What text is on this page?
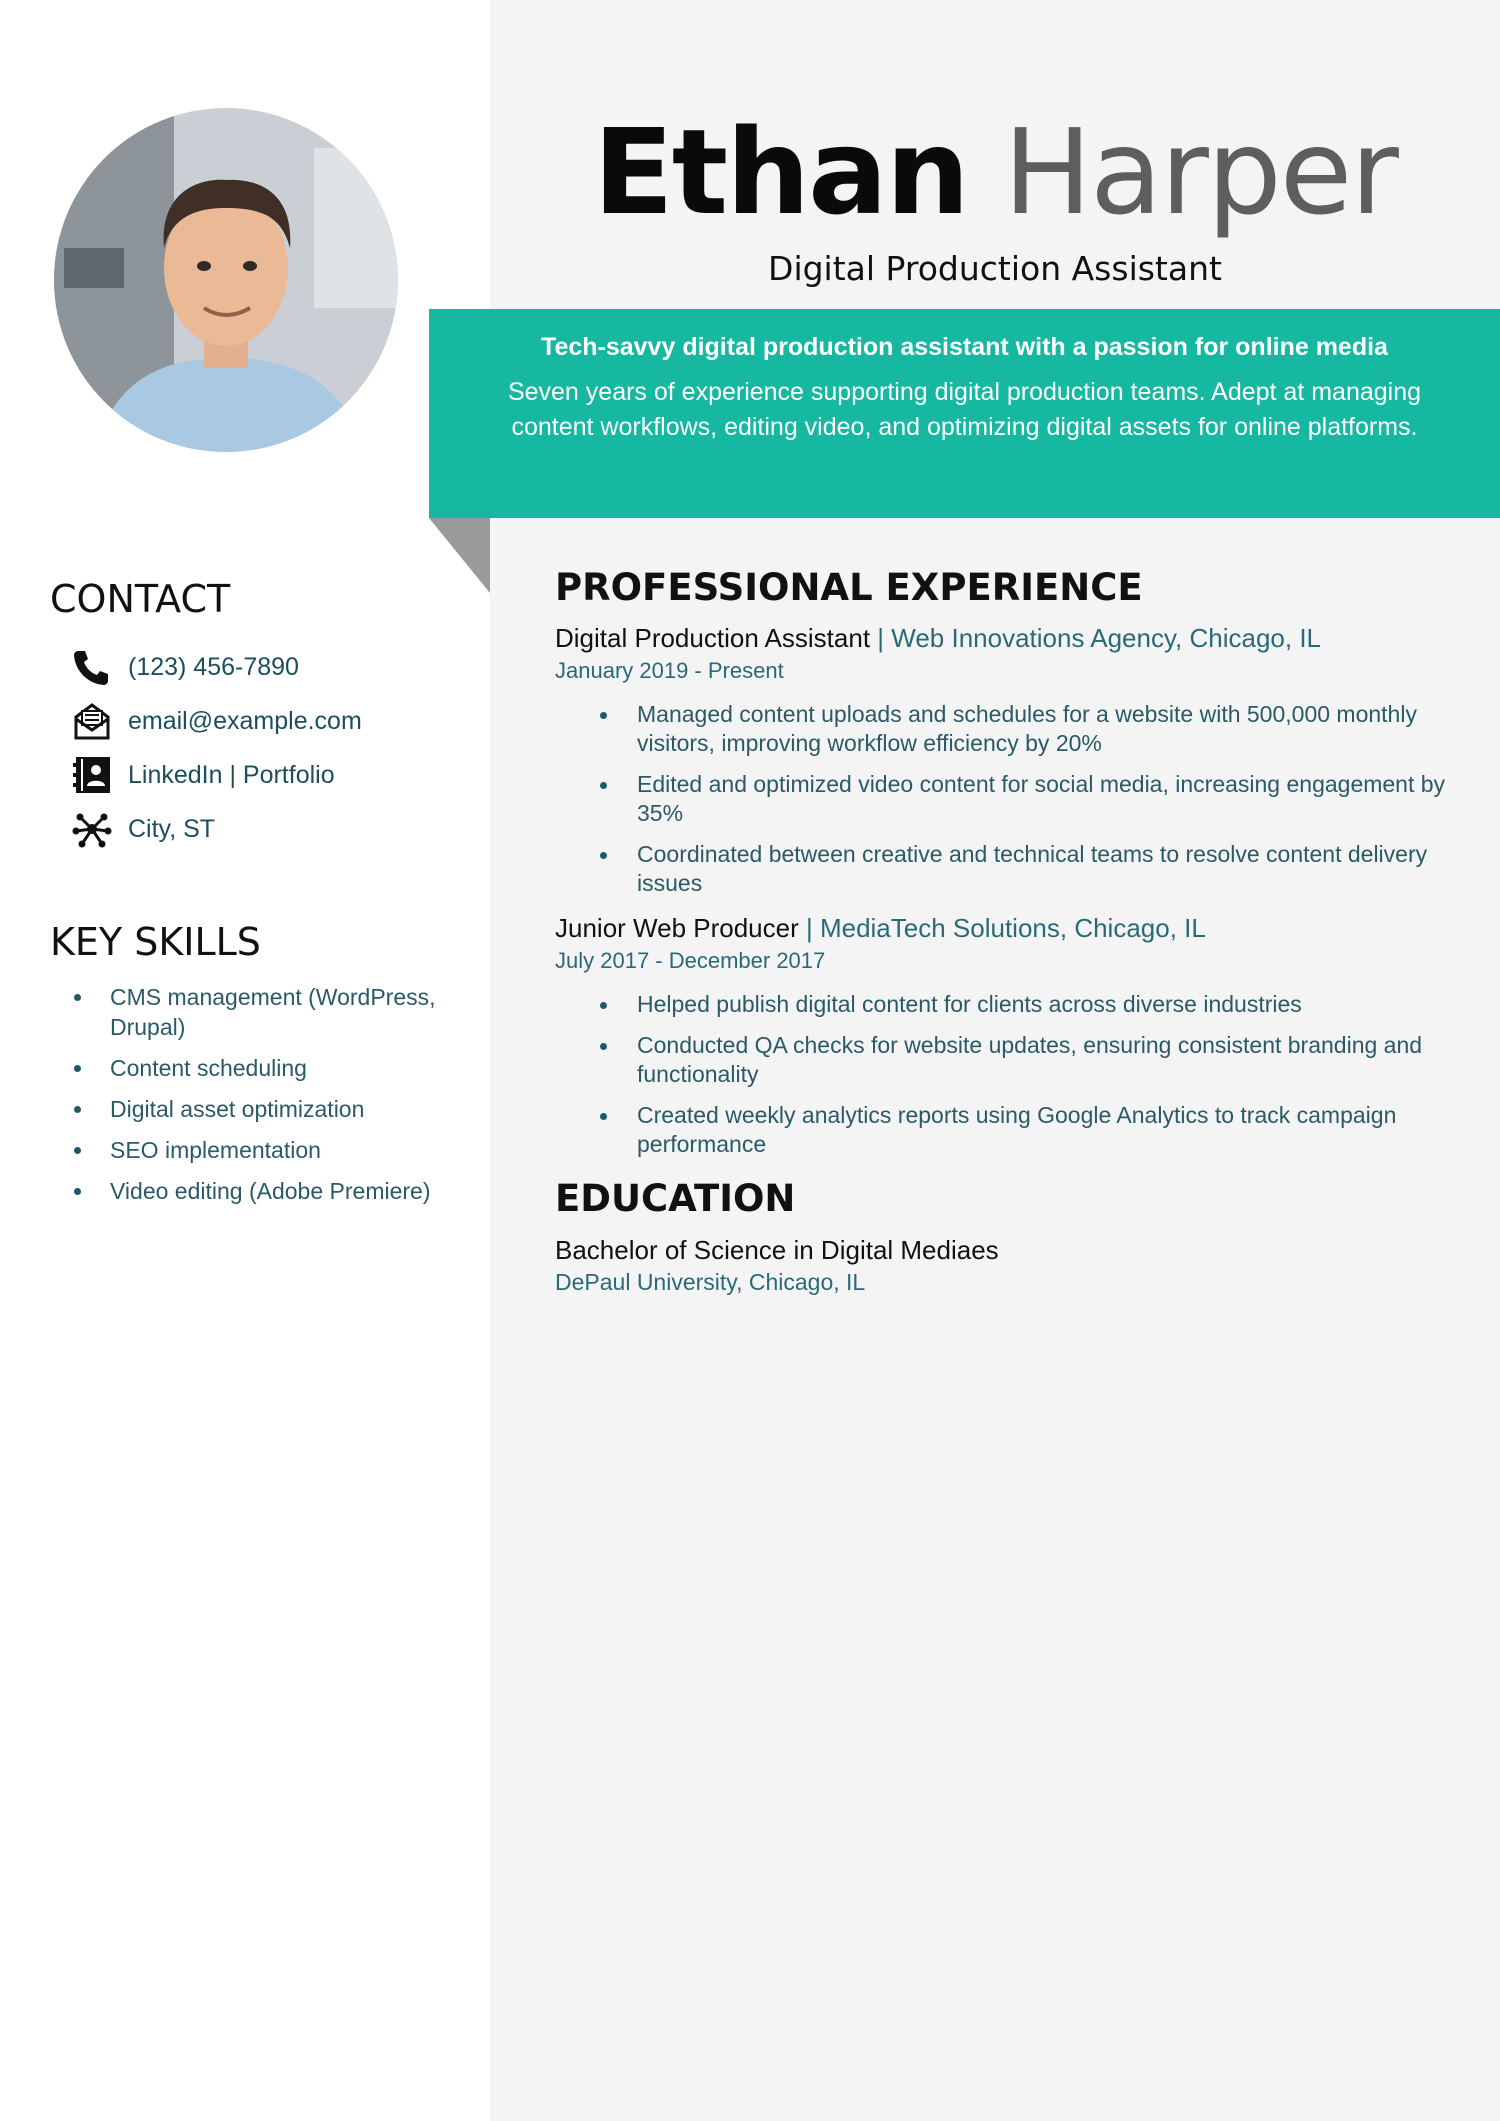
Ethan Harper
Digital Production Assistant
Tech-savvy digital production assistant with a passion for online media
Seven years of experience supporting digital production teams. Adept at managing content workflows, editing video, and optimizing digital assets for online platforms.
CONTACT
(123) 456-7890
email@example.com
LinkedIn | Portfolio
City, ST
KEY SKILLS
CMS management (WordPress, Drupal)
Content scheduling
Digital asset optimization
SEO implementation
Video editing (Adobe Premiere)
PROFESSIONAL EXPERIENCE
Digital Production Assistant | Web Innovations Agency, Chicago, IL
January 2019 - Present
Managed content uploads and schedules for a website with 500,000 monthly visitors, improving workflow efficiency by 20%
Edited and optimized video content for social media, increasing engagement by 35%
Coordinated between creative and technical teams to resolve content delivery issues
Junior Web Producer | MediaTech Solutions, Chicago, IL
July 2017 - December 2017
Helped publish digital content for clients across diverse industries
Conducted QA checks for website updates, ensuring consistent branding and functionality
Created weekly analytics reports using Google Analytics to track campaign performance
EDUCATION
Bachelor of Science in Digital Mediaes
DePaul University, Chicago, IL
